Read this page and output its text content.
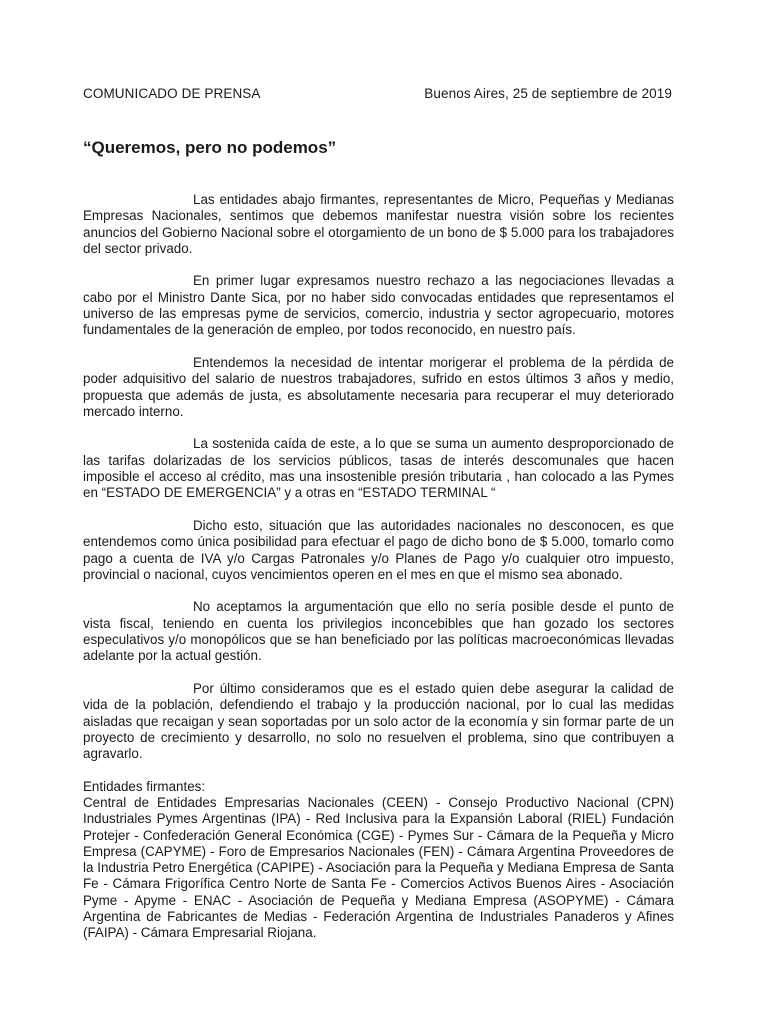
COMUNICADO DE PRENSA	Buenos Aires, 25 de septiembre de 2019
“Queremos, pero no podemos”

Las entidades abajo firmantes, representantes de Micro, Pequeñas y Medianas Empresas Nacionales, sentimos que debemos manifestar nuestra visión sobre los recientes anuncios del Gobierno Nacional sobre el otorgamiento de un bono de $ 5.000 para los trabajadores del sector privado.

En primer lugar expresamos nuestro rechazo a las negociaciones llevadas a cabo por el Ministro Dante Sica, por no haber sido convocadas entidades que representamos el universo de las empresas pyme de servicios, comercio, industria y sector agropecuario, motores fundamentales de la generación de empleo, por todos reconocido, en nuestro país.

Entendemos la necesidad de intentar morigerar el problema de la pérdida de poder adquisitivo del salario de nuestros trabajadores, sufrido en estos últimos 3 años y medio, propuesta que además de justa, es absolutamente necesaria para recuperar el muy deteriorado mercado interno.

La sostenida caída de este, a lo que se suma un aumento desproporcionado de las tarifas dolarizadas de los servicios públicos, tasas de interés descomunales que hacen imposible el acceso al crédito, mas una insostenible presión tributaria , han colocado a las Pymes en “ESTADO DE EMERGENCIA” y a otras en “ESTADO TERMINAL “

Dicho esto, situación que las autoridades nacionales no desconocen, es que entendemos como única posibilidad para efectuar el pago de dicho bono de $ 5.000, tomarlo como pago a cuenta de IVA y/o Cargas Patronales y/o Planes de Pago y/o cualquier otro impuesto, provincial o nacional, cuyos vencimientos operen en el mes en que el mismo sea abonado.

No aceptamos la argumentación que ello no sería posible desde el punto de vista fiscal, teniendo en cuenta los privilegios inconcebibles que han gozado los sectores especulativos y/o monopólicos que se han beneficiado por las políticas macroeconómicas llevadas adelante por la actual gestión.

Por último consideramos que es el estado quien debe asegurar la calidad de vida de la población, defendiendo el trabajo y la producción nacional, por lo cual las medidas aisladas que recaigan y sean soportadas por un solo actor de la economía y sin formar parte de un proyecto de crecimiento y desarrollo, no solo no resuelven el problema, sino que contribuyen a agravarlo.

Entidades firmantes:
Central de Entidades Empresarias Nacionales (CEEN) - Consejo Productivo Nacional (CPN) Industriales Pymes Argentinas (IPA) - Red Inclusiva para la Expansión Laboral (RIEL) Fundación Protejer - Confederación General Económica (CGE) - Pymes Sur - Cámara de la Pequeña y Micro Empresa (CAPYME) - Foro de Empresarios Nacionales (FEN) - Cámara Argentina Proveedores de la Industria Petro Energética (CAPIPE) - Asociación para la Pequeña y Mediana Empresa de Santa Fe - Cámara Frigorífica Centro Norte de Santa Fe - Comercios Activos Buenos Aires - Asociación Pyme - Apyme - ENAC - Asociación de Pequeña y Mediana Empresa (ASOPYME) - Cámara Argentina de Fabricantes de Medias - Federación Argentina de Industriales Panaderos y Afines (FAIPA) - Cámara Empresarial Riojana.
